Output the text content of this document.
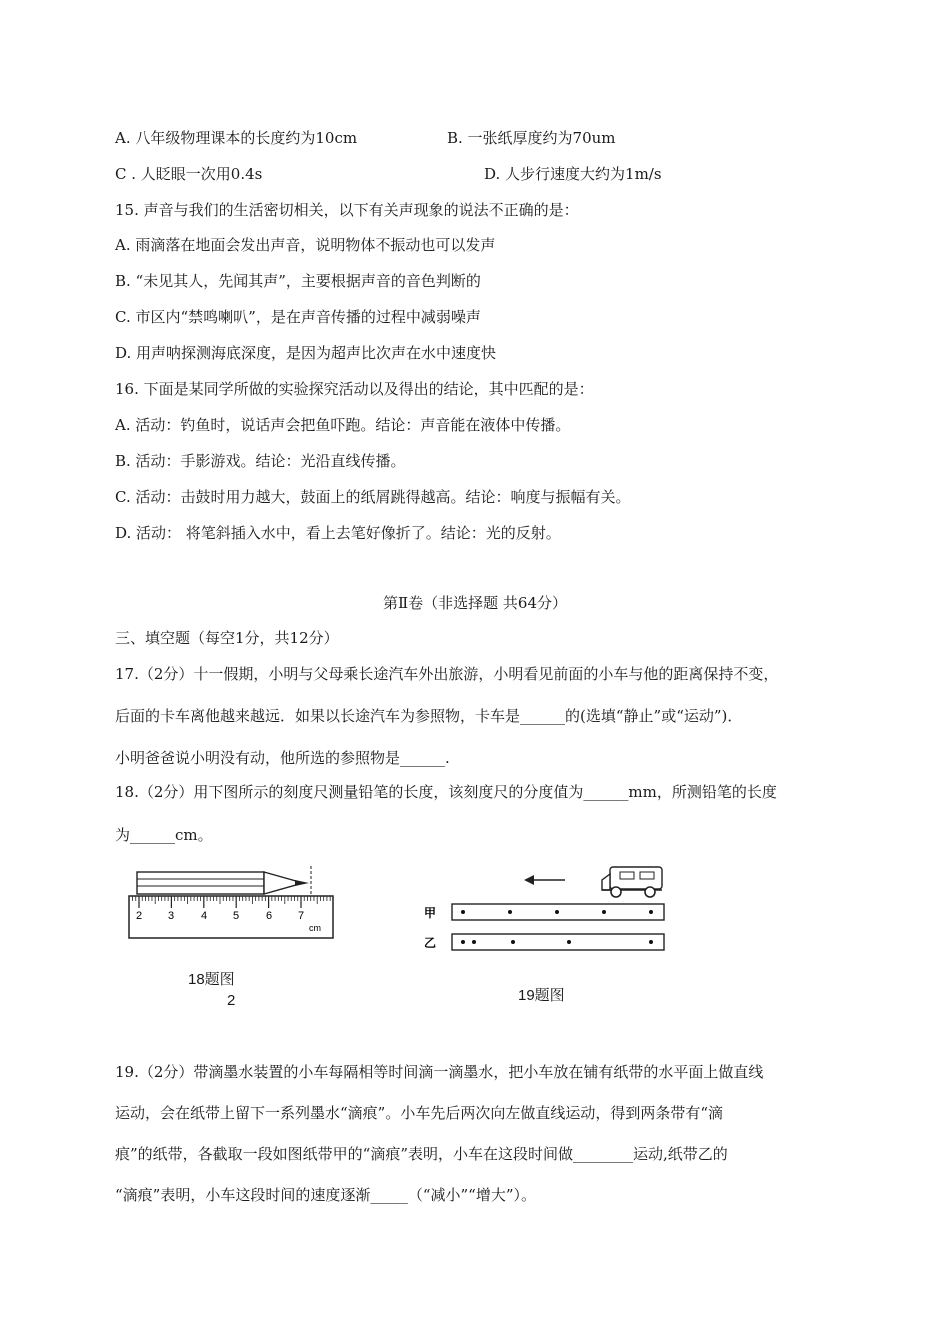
A. 八年级物理课本的长度约为10cm	B. 一张纸厚度约为70um
C . 人眨眼一次用0.4s	D. 人步行速度大约为1m/s
15. 声音与我们的生活密切相关，以下有关声现象的说法不正确的是：
A. 雨滴落在地面会发出声音，说明物体不振动也可以发声
B. “未见其人，先闻其声”，主要根据声音的音色判断的
C. 市区内“禁鸣喇叭”，是在声音传播的过程中减弱噪声
D. 用声呐探测海底深度，是因为超声比次声在水中速度快
16. 下面是某同学所做的实验探究活动以及得出的结论，其中匹配的是：
A. 活动：钓鱼时，说话声会把鱼吓跑。结论：声音能在液体中传播。
B. 活动：手影游戏。结论：光沿直线传播。
C. 活动：击鼓时用力越大，鼓面上的纸屑跳得越高。结论：响度与振幅有关。
D. 活动： 将笔斜插入水中，看上去笔好像折了。结论：光的反射。
第Ⅱ卷（非选择题 共64分）
三、填空题（每空1分，共12分）
17.（2分）十一假期，小明与父母乘长途汽车外出旅游，小明看见前面的小车与他的距离保持不变，
后面的卡车离他越来越远．如果以长途汽车为参照物，卡车是______的(选填“静止”或“运动”)．
小明爸爸说小明没有动，他所选的参照物是______.
18.（2分）用下图所示的刻度尺测量铅笔的长度，该刻度尺的分度值为______mm，所测铅笔的长度
为______cm。
2 3 4 5 6 7
cm
18题图
2
甲
乙
19题图
19.（2分）带滴墨水装置的小车每隔相等时间滴一滴墨水，把小车放在铺有纸带的水平面上做直线
运动，会在纸带上留下一系列墨水“滴痕”。小车先后两次向左做直线运动，得到两条带有“滴
痕”的纸带，各截取一段如图纸带甲的“滴痕”表明，小车在这段时间做________运动,纸带乙的
“滴痕”表明，小车这段时间的速度逐渐_____（“减小”“增大”）。
